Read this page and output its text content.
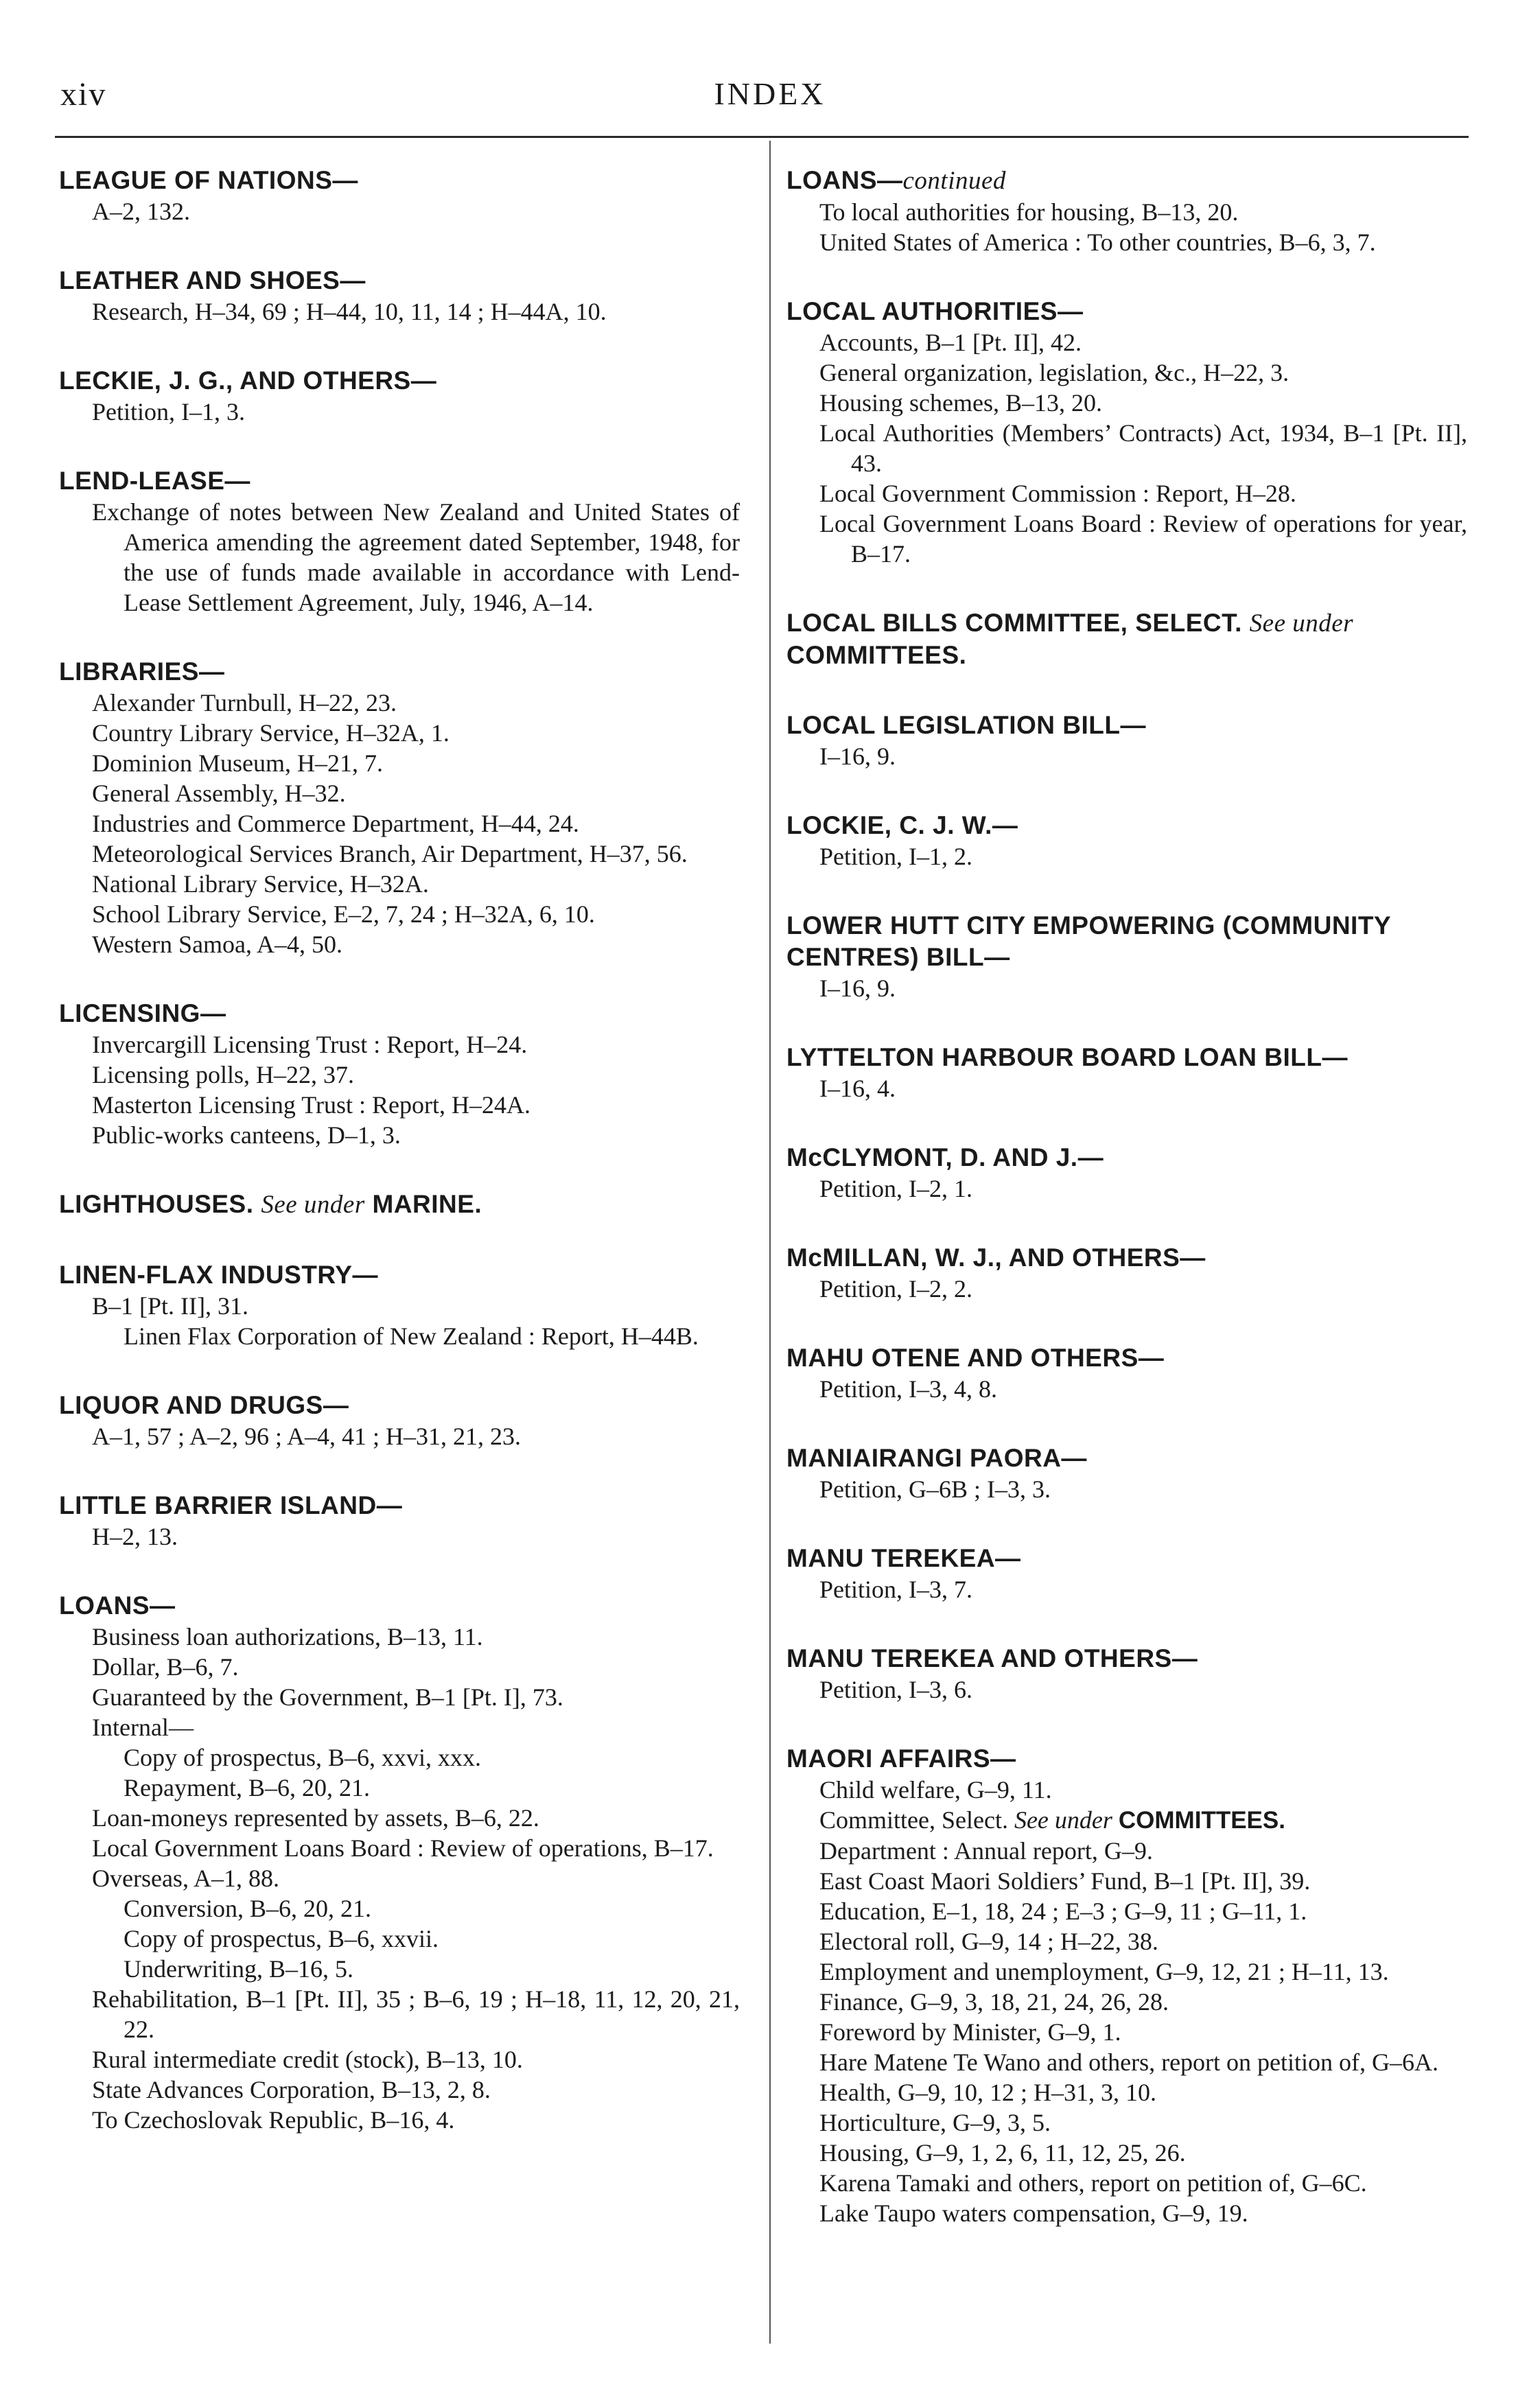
xiv	INDEX
LEAGUE OF NATIONS—
A–2, 132.
LEATHER AND SHOES—
Research, H–34, 69 ; H–44, 10, 11, 14 ; H–44A, 10.
LECKIE, J. G., AND OTHERS—
Petition, I–1, 3.
LEND-LEASE—
Exchange of notes between New Zealand and United States of America amending the agreement dated September, 1948, for the use of funds made available in accordance with Lend-Lease Settlement Agreement, July, 1946, A–14.
LIBRARIES—
Alexander Turnbull, H–22, 23.
Country Library Service, H–32A, 1.
Dominion Museum, H–21, 7.
General Assembly, H–32.
Industries and Commerce Department, H–44, 24.
Meteorological Services Branch, Air Department, H–37, 56.
National Library Service, H–32A.
School Library Service, E–2, 7, 24 ; H–32A, 6, 10.
Western Samoa, A–4, 50.
LICENSING—
Invercargill Licensing Trust : Report, H–24.
Licensing polls, H–22, 37.
Masterton Licensing Trust : Report, H–24A.
Public-works canteens, D–1, 3.
LIGHTHOUSES. See under MARINE.
LINEN-FLAX INDUSTRY—
B–1 [Pt. II], 31.
Linen Flax Corporation of New Zealand : Report, H–44B.
LIQUOR AND DRUGS—
A–1, 57 ; A–2, 96 ; A–4, 41 ; H–31, 21, 23.
LITTLE BARRIER ISLAND—
H–2, 13.
LOANS—
Business loan authorizations, B–13, 11.
Dollar, B–6, 7.
Guaranteed by the Government, B–1 [Pt. I], 73.
Internal—
Copy of prospectus, B–6, xxvi, xxx.
Repayment, B–6, 20, 21.
Loan-moneys represented by assets, B–6, 22.
Local Government Loans Board : Review of operations, B–17.
Overseas, A–1, 88.
Conversion, B–6, 20, 21.
Copy of prospectus, B–6, xxvii.
Underwriting, B–16, 5.
Rehabilitation, B–1 [Pt. II], 35 ; B–6, 19 ; H–18, 11, 12, 20, 21, 22.
Rural intermediate credit (stock), B–13, 10.
State Advances Corporation, B–13, 2, 8.
To Czechoslovak Republic, B–16, 4.
LOANS—continued
To local authorities for housing, B–13, 20.
United States of America : To other countries, B–6, 3, 7.
LOCAL AUTHORITIES—
Accounts, B–1 [Pt. II], 42.
General organization, legislation, &c., H–22, 3.
Housing schemes, B–13, 20.
Local Authorities (Members’ Contracts) Act, 1934, B–1 [Pt. II], 43.
Local Government Commission : Report, H–28.
Local Government Loans Board : Review of operations for year, B–17.
LOCAL BILLS COMMITTEE, SELECT. See under COMMITTEES.
LOCAL LEGISLATION BILL—
I–16, 9.
LOCKIE, C. J. W.—
Petition, I–1, 2.
LOWER HUTT CITY EMPOWERING (COMMUNITY CENTRES) BILL—
I–16, 9.
LYTTELTON HARBOUR BOARD LOAN BILL—
I–16, 4.
McCLYMONT, D. AND J.—
Petition, I–2, 1.
McMILLAN, W. J., AND OTHERS—
Petition, I–2, 2.
MAHU OTENE AND OTHERS—
Petition, I–3, 4, 8.
MANIAIRANGI PAORA—
Petition, G–6B ; I–3, 3.
MANU TEREKEA—
Petition, I–3, 7.
MANU TEREKEA AND OTHERS—
Petition, I–3, 6.
MAORI AFFAIRS—
Child welfare, G–9, 11.
Committee, Select. See under COMMITTEES.
Department : Annual report, G–9.
East Coast Maori Soldiers’ Fund, B–1 [Pt. II], 39.
Education, E–1, 18, 24 ; E–3 ; G–9, 11 ; G–11, 1.
Electoral roll, G–9, 14 ; H–22, 38.
Employment and unemployment, G–9, 12, 21 ; H–11, 13.
Finance, G–9, 3, 18, 21, 24, 26, 28.
Foreword by Minister, G–9, 1.
Hare Matene Te Wano and others, report on petition of, G–6A.
Health, G–9, 10, 12 ; H–31, 3, 10.
Horticulture, G–9, 3, 5.
Housing, G–9, 1, 2, 6, 11, 12, 25, 26.
Karena Tamaki and others, report on petition of, G–6C.
Lake Taupo waters compensation, G–9, 19.
